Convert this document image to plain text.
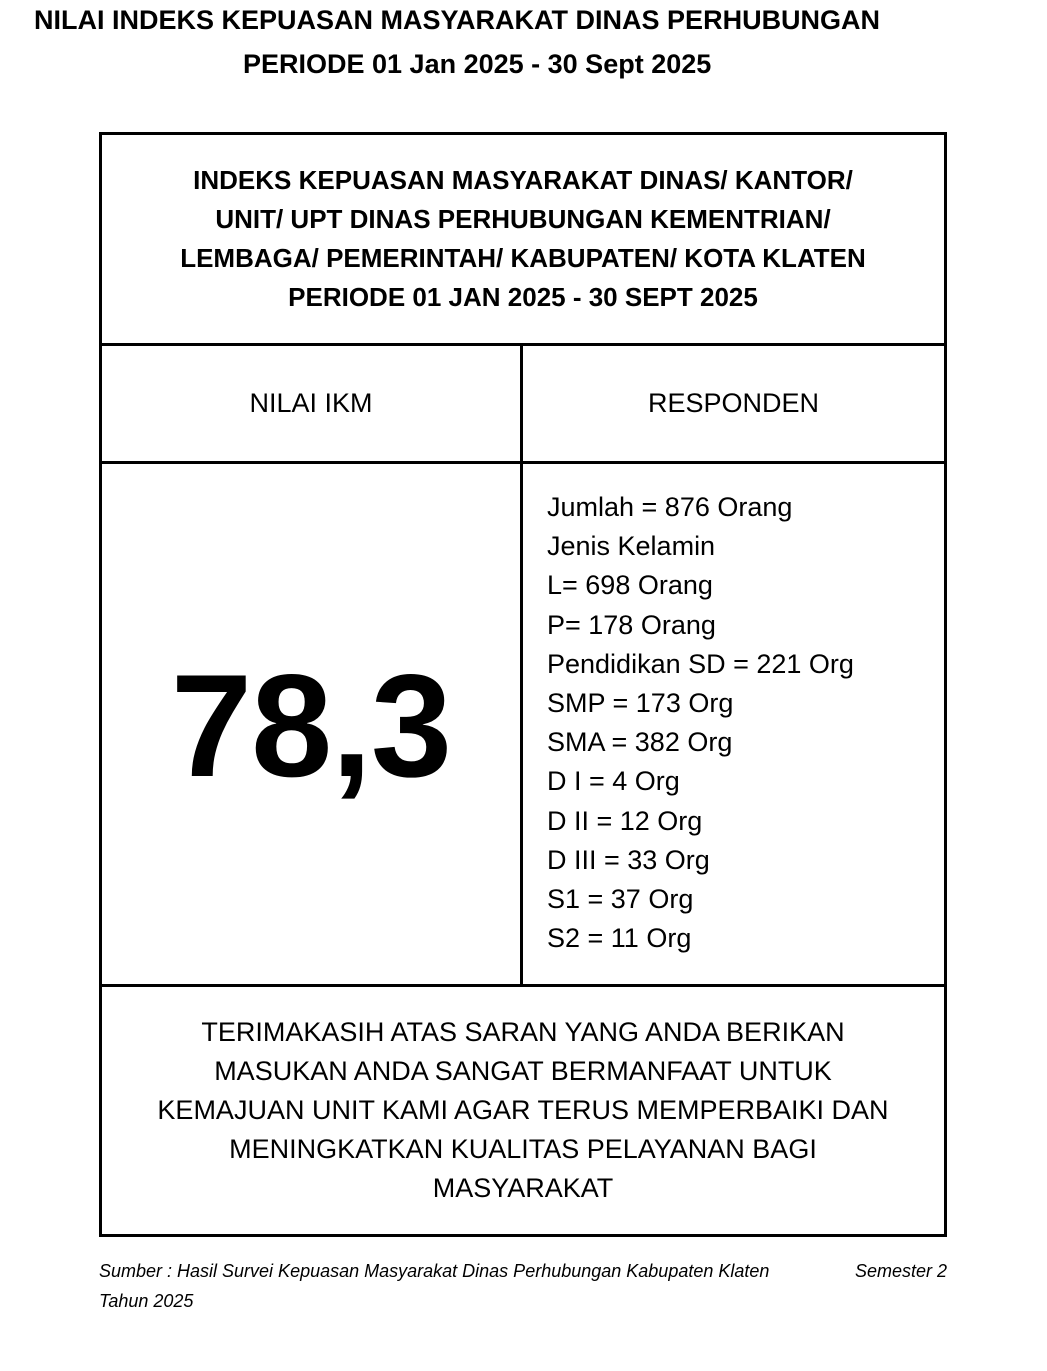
NILAI INDEKS KEPUASAN MASYARAKAT DINAS PERHUBUNGAN
PERIODE 01 Jan 2025 - 30 Sept 2025
INDEKS KEPUASAN MASYARAKAT DINAS/ KANTOR/
UNIT/ UPT DINAS PERHUBUNGAN KEMENTRIAN/
LEMBAGA/ PEMERINTAH/ KABUPATEN/ KOTA KLATEN
PERIODE 01 JAN 2025 - 30 SEPT 2025
NILAI IKM	RESPONDEN
78,3
Jumlah = 876 Orang
Jenis Kelamin
L= 698 Orang
P= 178 Orang
Pendidikan SD = 221 Org
SMP = 173 Org
SMA = 382 Org
D I = 4 Org
D II = 12 Org
D III = 33 Org
S1 = 37 Org
S2 = 11 Org
TERIMAKASIH ATAS SARAN YANG ANDA BERIKAN
MASUKAN ANDA SANGAT BERMANFAAT UNTUK
KEMAJUAN UNIT KAMI AGAR TERUS MEMPERBAIKI DAN
MENINGKATKAN KUALITAS PELAYANAN BAGI
MASYARAKAT
Sumber : Hasil Survei Kepuasan Masyarakat Dinas Perhubungan Kabupaten Klaten	Semester 2
Tahun 2025
